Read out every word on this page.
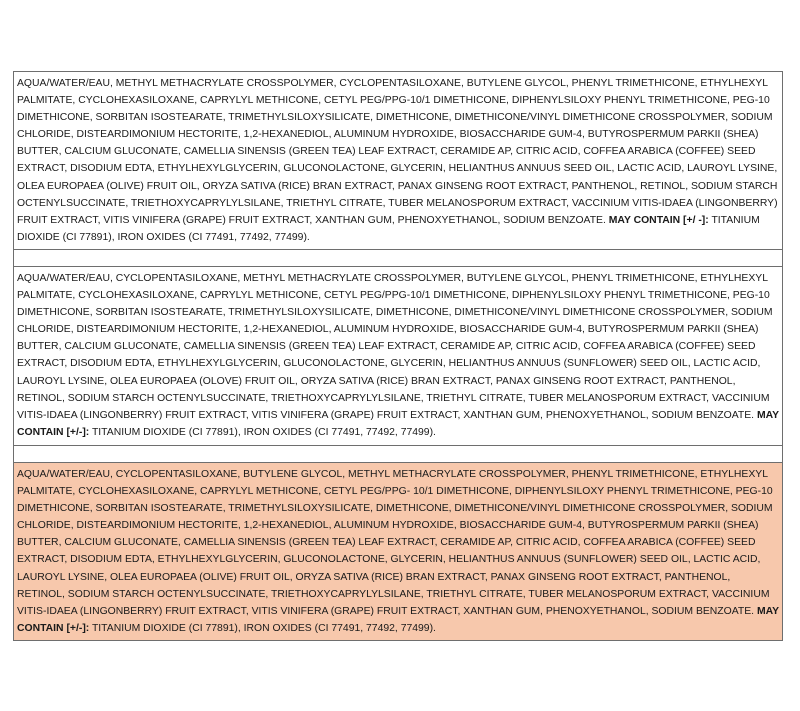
AQUA/WATER/EAU, METHYL METHACRYLATE CROSSPOLYMER, CYCLOPENTASILOXANE, BUTYLENE GLYCOL, PHENYL TRIMETHICONE, ETHYLHEXYL PALMITATE, CYCLOHEXASILOXANE, CAPRYLYL METHICONE, CETYL PEG/PPG-10/1 DIMETHICONE, DIPHENYLSILOXY PHENYL TRIMETHICONE, PEG-10 DIMETHICONE, SORBITAN ISOSTEARATE, TRIMETHYLSILOXYSILICATE, DIMETHICONE, DIMETHICONE/VINYL DIMETHICONE CROSSPOLYMER, SODIUM CHLORIDE, DISTEARDIMONIUM HECTORITE, 1,2-HEXANEDIOL, ALUMINUM HYDROXIDE, BIOSACCHARIDE GUM-4, BUTYROSPERMUM PARKII (SHEA) BUTTER, CALCIUM GLUCONATE, CAMELLIA SINENSIS (GREEN TEA) LEAF EXTRACT, CERAMIDE AP, CITRIC ACID, COFFEA ARABICA (COFFEE) SEED EXTRACT, DISODIUM EDTA, ETHYLHEXYLGLYCERIN, GLUCONOLACTONE, GLYCERIN, HELIANTHUS ANNUUS SEED OIL, LACTIC ACID, LAUROYL LYSINE, OLEA EUROPAEA (OLIVE) FRUIT OIL, ORYZA SATIVA (RICE) BRAN EXTRACT, PANAX GINSENG ROOT EXTRACT, PANTHENOL, RETINOL, SODIUM STARCH OCTENYLSUCCINATE, TRIETHOXYCAPRYLYLSILANE, TRIETHYL CITRATE, TUBER MELANOSPORUM EXTRACT, VACCINIUM VITIS-IDAEA (LINGONBERRY) FRUIT EXTRACT, VITIS VINIFERA (GRAPE) FRUIT EXTRACT, XANTHAN GUM, PHENOXYETHANOL, SODIUM BENZOATE. MAY CONTAIN [+/ -]: TITANIUM DIOXIDE (CI 77891), IRON OXIDES (CI 77491, 77492, 77499).

AQUA/WATER/EAU, CYCLOPENTASILOXANE, METHYL METHACRYLATE CROSSPOLYMER, BUTYLENE GLYCOL, PHENYL TRIMETHICONE, ETHYLHEXYL PALMITATE, CYCLOHEXASILOXANE, CAPRYLYL METHICONE, CETYL PEG/PPG-10/1 DIMETHICONE, DIPHENYLSILOXY PHENYL TRIMETHICONE, PEG-10 DIMETHICONE, SORBITAN ISOSTEARATE, TRIMETHYLSILOXYSILICATE, DIMETHICONE, DIMETHICONE/VINYL DIMETHICONE CROSSPOLYMER, SODIUM CHLORIDE, DISTEARDIMONIUM HECTORITE, 1,2-HEXANEDIOL, ALUMINUM HYDROXIDE, BIOSACCHARIDE GUM-4, BUTYROSPERMUM PARKII (SHEA) BUTTER, CALCIUM GLUCONATE, CAMELLIA SINENSIS (GREEN TEA) LEAF EXTRACT, CERAMIDE AP, CITRIC ACID, COFFEA ARABICA (COFFEE) SEED EXTRACT, DISODIUM EDTA, ETHYLHEXYLGLYCERIN, GLUCONOLACTONE, GLYCERIN, HELIANTHUS ANNUUS (SUNFLOWER) SEED OIL, LACTIC ACID, LAUROYL LYSINE, OLEA EUROPAEA (OLOVE) FRUIT OIL, ORYZA SATIVA (RICE) BRAN EXTRACT, PANAX GINSENG ROOT EXTRACT, PANTHENOL, RETINOL, SODIUM STARCH OCTENYLSUCCINATE, TRIETHOXYCAPRYLYLSILANE, TRIETHYL CITRATE, TUBER MELANOSPORUM EXTRACT, VACCINIUM VITIS-IDAEA (LINGONBERRY) FRUIT EXTRACT, VITIS VINIFERA (GRAPE) FRUIT EXTRACT, XANTHAN GUM, PHENOXYETHANOL, SODIUM BENZOATE. MAY CONTAIN [+/-]: TITANIUM DIOXIDE (CI 77891), IRON OXIDES (CI 77491, 77492, 77499).

AQUA/WATER/EAU, CYCLOPENTASILOXANE, BUTYLENE GLYCOL, METHYL METHACRYLATE CROSSPOLYMER, PHENYL TRIMETHICONE, ETHYLHEXYL PALMITATE, CYCLOHEXASILOXANE, CAPRYLYL METHICONE, CETYL PEG/PPG- 10/1 DIMETHICONE, DIPHENYLSILOXY PHENYL TRIMETHICONE, PEG-10 DIMETHICONE, SORBITAN ISOSTEARATE, TRIMETHYLSILOXYSILICATE, DIMETHICONE, DIMETHICONE/VINYL DIMETHICONE CROSSPOLYMER, SODIUM CHLORIDE, DISTEARDIMONIUM HECTORITE, 1,2-HEXANEDIOL, ALUMINUM HYDROXIDE, BIOSACCHARIDE GUM-4, BUTYROSPERMUM PARKII (SHEA) BUTTER, CALCIUM GLUCONATE, CAMELLIA SINENSIS (GREEN TEA) LEAF EXTRACT, CERAMIDE AP, CITRIC ACID, COFFEA ARABICA (COFFEE) SEED EXTRACT, DISODIUM EDTA, ETHYLHEXYLGLYCERIN, GLUCONOLACTONE, GLYCERIN, HELIANTHUS ANNUUS (SUNFLOWER) SEED OIL, LACTIC ACID, LAUROYL LYSINE, OLEA EUROPAEA (OLIVE) FRUIT OIL, ORYZA SATIVA (RICE) BRAN EXTRACT, PANAX GINSENG ROOT EXTRACT, PANTHENOL, RETINOL, SODIUM STARCH OCTENYLSUCCINATE, TRIETHOXYCAPRYLYLSILANE, TRIETHYL CITRATE, TUBER MELANOSPORUM EXTRACT, VACCINIUM VITIS-IDAEA (LINGONBERRY) FRUIT EXTRACT, VITIS VINIFERA (GRAPE) FRUIT EXTRACT, XANTHAN GUM, PHENOXYETHANOL, SODIUM BENZOATE. MAY CONTAIN [+/-]: TITANIUM DIOXIDE (CI 77891), IRON OXIDES (CI 77491, 77492, 77499).
